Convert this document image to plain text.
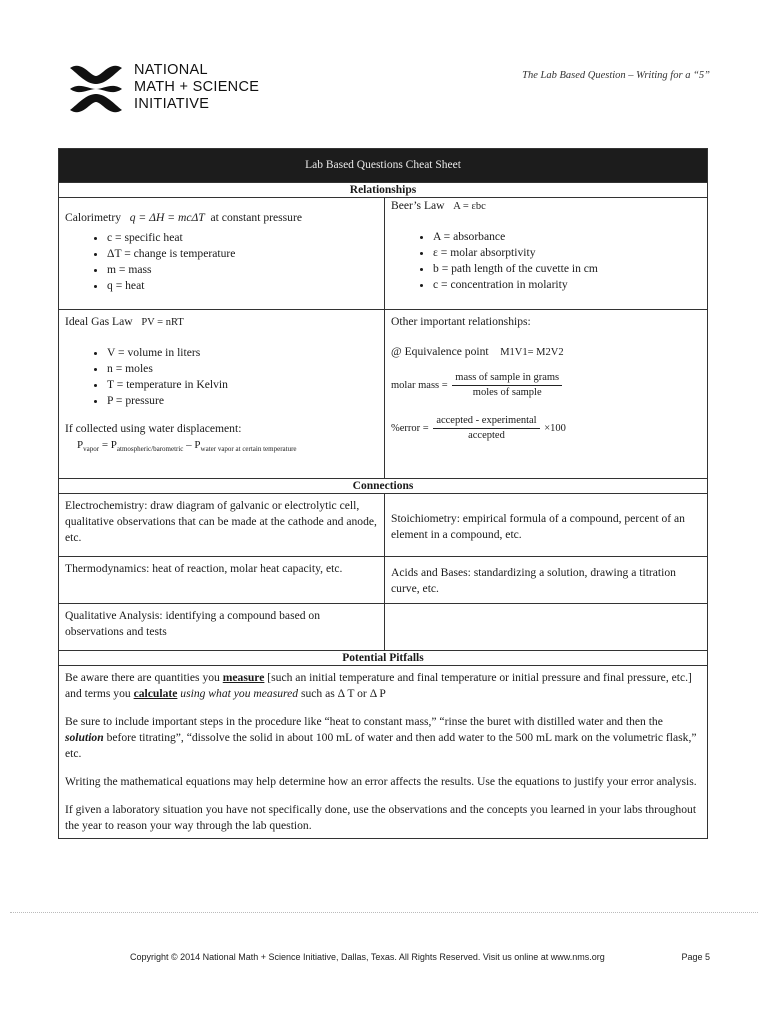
NATIONAL
MATH + SCIENCE
INITIATIVE
The Lab Based Question – Writing for a “5”
Lab Based Questions Cheat Sheet
Relationships
Calorimetry q = ΔH = mcΔT at constant pressure
• c = specific heat
• ΔT = change is temperature
• m = mass
• q = heat
Beer’s Law A = εbc
• A = absorbance
• ε = molar absorptivity
• b = path length of the cuvette in cm
• c = concentration in molarity
Ideal Gas Law PV = nRT
• V = volume in liters
• n = moles
• T = temperature in Kelvin
• P = pressure
If collected using water displacement:
$P_{vapor} = P_{atmospheric/barometric} - P_{water vapor at certain temperature}$
Other important relationships:
@ Equivalence point M1V1= M2V2
molar mass = $\frac{\text{mass of sample in grams}}{\text{moles of sample}}$
%error = $\frac{\text{accepted - experimental}}{\text{accepted}} \times 100$
Connections
Electrochemistry: draw diagram of galvanic or electrolytic cell, qualitative observations that can be made at the cathode and anode, etc.
Stoichiometry: empirical formula of a compound, percent of an element in a compound, etc.
Thermodynamics: heat of reaction, molar heat capacity, etc.	Acids and Bases: standardizing a solution, drawing a titration curve, etc.
Qualitative Analysis: identifying a compound based on observations and tests
Potential Pitfalls

Be aware there are quantities you measure [such an initial temperature and final temperature or initial pressure and final pressure, etc.] and terms you calculate using what you measured such as Δ T or Δ P

Be sure to include important steps in the procedure like “heat to constant mass,” “rinse the buret with distilled water and then the solution before titrating”, “dissolve the solid in about 100 mL of water and then add water to the 500 mL mark on the volumetric flask,” etc.

Writing the mathematical equations may help determine how an error affects the results. Use the equations to justify your error analysis.

If given a laboratory situation you have not specifically done, use the observations and the concepts you learned in your labs throughout the year to reason your way through the lab question.

Copyright © 2014 National Math + Science Initiative, Dallas, Texas. All Rights Reserved. Visit us online at www.nms.org	Page 5
